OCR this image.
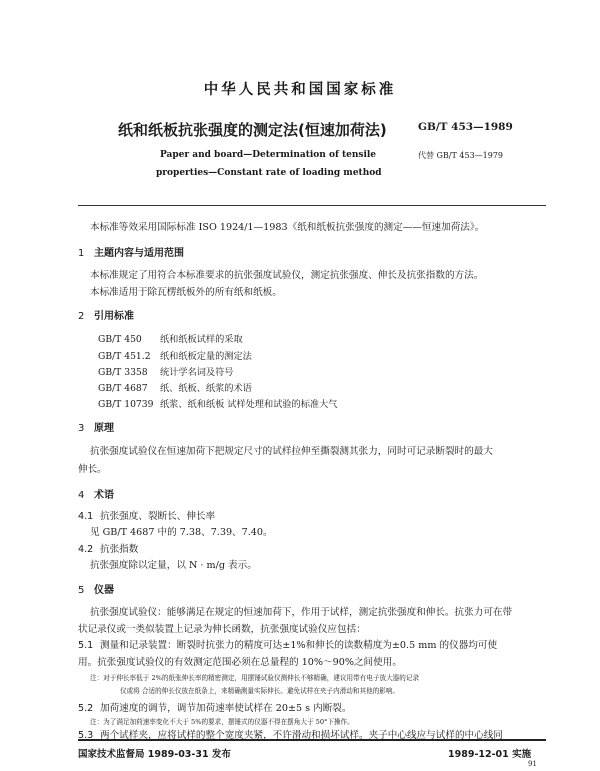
中华人民共和国国家标准
纸和纸板抗张强度的测定法(恒速加荷法)	GB/T 453—1989
Paper and board—Determination of tensile	代替 GB/T 453—1979
properties—Constant rate of loading method
本标准等效采用国际标准 ISO 1924/1—1983《纸和纸板抗张强度的测定——恒速加荷法》。
1 主题内容与适用范围
本标准规定了用符合本标准要求的抗张强度试验仪，测定抗张强度、伸长及抗张指数的方法。
本标准适用于除瓦楞纸板外的所有纸和纸板。
2 引用标准
GB/T 450 纸和纸板试样的采取
GB/T 451.2 纸和纸板定量的测定法
GB/T 3358 统计学名词及符号
GB/T 4687 纸、纸板、纸浆的术语
GB/T 10739 纸浆、纸和纸板 试样处理和试验的标准大气
3 原理
抗张强度试验仪在恒速加荷下把规定尺寸的试样拉伸至撕裂测其张力，同时可记录断裂时的最大
伸长。
4 术语
4.1 抗张强度、裂断长、伸长率
见 GB/T 4687 中的 7.38、7.39、7.40。
4.2 抗张指数
抗张强度除以定量，以 N · m/g 表示。
5 仪器
抗张强度试验仪：能够满足在规定的恒速加荷下，作用于试样，测定抗张强度和伸长。抗张力可在带
状记录仪或一类似装置上记录为伸长函数，抗张强度试验仪应包括：
5.1 测量和记录装置：断裂时抗张力的精度可达±1%和伸长的读数精度为±0.5 mm 的仪器均可使
用。抗张强度试验仪的有效测定范围必须在总量程的 10%～90%之间使用。
注：对于伸长率低于 2%的纸张伸长率的精密测定，用摆锤试验仪测伸长不够精确，建议用带有电子放大器的记录
仪或将 合适的伸长仪放在纸条上，来精确测量实际伸长。避免试样在夹子内滑动和其他的影响。
5.2 加荷速度的调节，调节加荷速率使试样在 20±5 s 内断裂。
注：为了满足加荷速率变化不大于 5%的要求，摆锤式的仪器不得在摆角大于 50°下操作。
5.3 两个试样夹，应将试样的整个宽度夹紧，不许滑动和损坏试样。夹子中心线应与试样的中心线同
国家技术监督局 1989-03-31 发布	1989-12-01 实施
91
